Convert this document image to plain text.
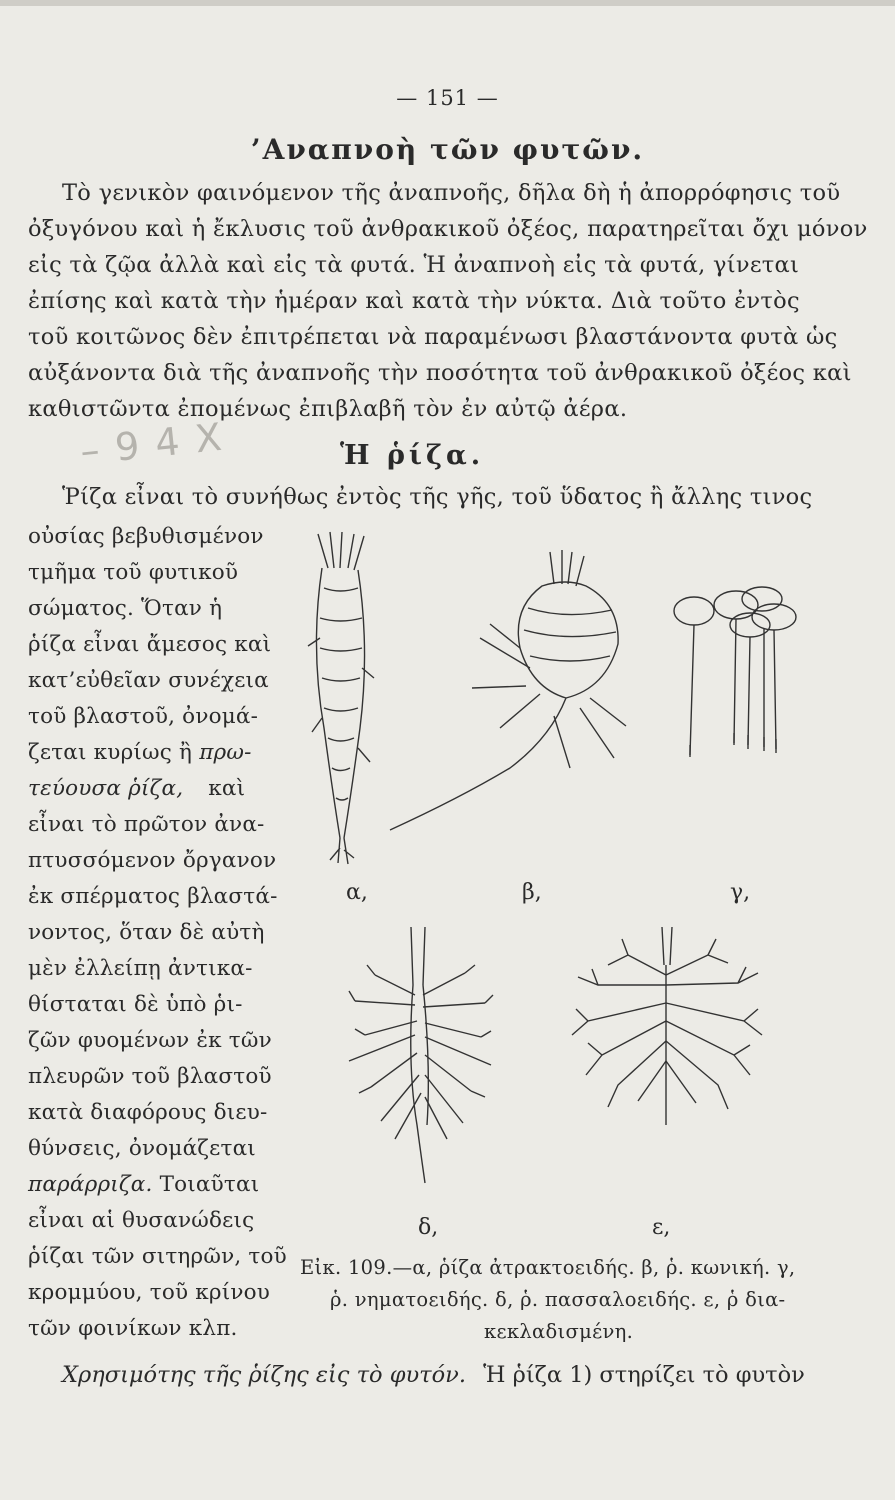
— 151 —
’Αναπνοὴ τῶν φυτῶν.
Τὸ γενικὸν φαινόμενον τῆς ἀναπνοῆς, δῆλα δὴ ἡ ἀπορρόφησις τοῦ
ὀξυγόνου καὶ ἡ ἔκλυσις τοῦ ἀνθρακικοῦ ὀξέος, παρατηρεῖται ὄχι μόνον
εἰς τὰ ζῷα ἀλλὰ καὶ εἰς τὰ φυτά. Ἡ ἀναπνοὴ εἰς τὰ φυτά, γίνεται
ἐπίσης καὶ κατὰ τὴν ἡμέραν καὶ κατὰ τὴν νύκτα. Διὰ τοῦτο ἐντὸς
τοῦ κοιτῶνος δὲν ἐπιτρέπεται νὰ παραμένωσι βλαστάνοντα φυτὰ ὡς
αὐξάνοντα διὰ τῆς ἀναπνοῆς τὴν ποσότητα τοῦ ἀνθρακικοῦ ὀξέος καὶ
καθιστῶντα ἐπομένως ἐπιβλαβῆ τὸν ἐν αὐτῷ ἀέρα.
– 9 4 X	Ἡ ῥίζα.
Ῥίζα εἶναι τὸ συνήθως ἐντὸς τῆς γῆς, τοῦ ὕδατος ἢ ἄλλης τινος
οὐσίας βεβυθισμένον
τμῆμα τοῦ φυτικοῦ
σώματος. Ὅταν ἡ
ῥίζα εἶναι ἄμεσος καὶ
κατ’εὐθεῖαν συνέχεια
τοῦ βλαστοῦ, ὀνομά-
ζεται κυρίως ἢ πρω-
τεύουσα ῥίζα, καὶ
εἶναι τὸ πρῶτον ἀνα-
πτυσσόμενον ὄργανον
ἐκ σπέρματος βλαστά-
νοντος, ὅταν δὲ αὐτὴ
μὲν ἐλλείπῃ ἀντικα-
θίσταται δὲ ὑπὸ ῥι-
ζῶν φυομένων ἐκ τῶν
πλευρῶν τοῦ βλαστοῦ
κατὰ διαφόρους διευ-
θύνσεις, ὀνομάζεται
παράρριζα. Τοιαῦται
εἶναι αἱ θυσανώδεις
ῥίζαι τῶν σιτηρῶν, τοῦ
κρομμύου, τοῦ κρίνου
τῶν φοινίκων κλπ.
α,	β,	γ,
δ,	ε,
Εἰκ. 109.—α, ῥίζα ἀτρακτοειδής. β, ῥ. κωνική. γ,
ῥ. νηματοειδής. δ, ῥ. πασσαλοειδής. ε, ῥ δια-
κεκλαδισμένη.
Χρησιμότης τῆς ῥίζης εἰς τὸ φυτόν. Ἡ ῥίζα 1) στηρίζει τὸ φυτὸν
